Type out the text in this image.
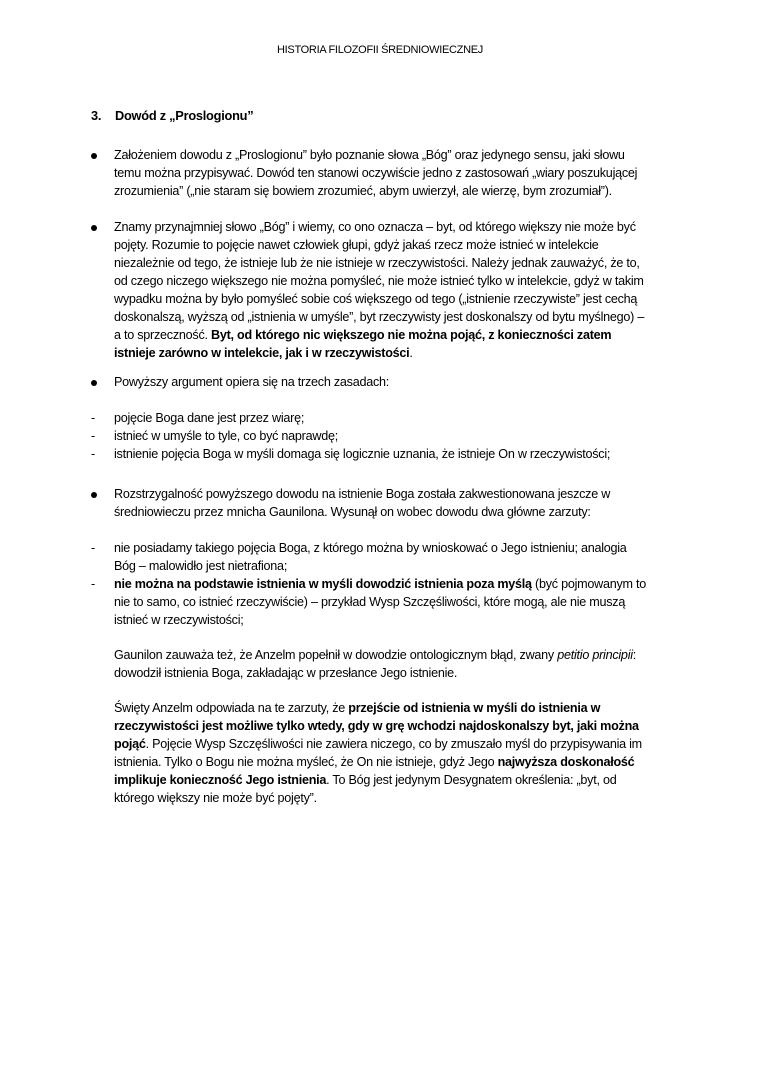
HISTORIA FILOZOFII ŚREDNIOWIECZNEJ
3. Dowód z „Proslogionu”
Założeniem dowodu z „Proslogionu” było poznanie słowa „Bóg” oraz jedynego sensu, jaki słowu
temu można przypisywać. Dowód ten stanowi oczywiście jedno z zastosowań „wiary poszukującej
zrozumienia” („nie staram się bowiem zrozumieć, abym uwierzył, ale wierzę, bym zrozumiał”).
Znamy przynajmniej słowo „Bóg” i wiemy, co ono oznacza – byt, od którego większy nie może być
pojęty. Rozumie to pojęcie nawet człowiek głupi, gdyż jakaś rzecz może istnieć w intelekcie
niezależnie od tego, że istnieje lub że nie istnieje w rzeczywistości. Należy jednak zauważyć, że to,
od czego niczego większego nie można pomyśleć, nie może istnieć tylko w intelekcie, gdyż w takim
wypadku można by było pomyśleć sobie coś większego od tego („istnienie rzeczywiste” jest cechą
doskonalszą, wyższą od „istnienia w umyśle”, byt rzeczywisty jest doskonalszy od bytu myślnego) –
a to sprzeczność. Byt, od którego nic większego nie można pojąć, z konieczności zatem
istnieje zarówno w intelekcie, jak i w rzeczywistości.
Powyższy argument opiera się na trzech zasadach:
- pojęcie Boga dane jest przez wiarę;
- istnieć w umyśle to tyle, co być naprawdę;
- istnienie pojęcia Boga w myśli domaga się logicznie uznania, że istnieje On w rzeczywistości;
Rozstrzygalność powyższego dowodu na istnienie Boga została zakwestionowana jeszcze w
średniowieczu przez mnicha Gaunilona. Wysunął on wobec dowodu dwa główne zarzuty:
- nie posiadamy takiego pojęcia Boga, z którego można by wnioskować o Jego istnieniu; analogia
Bóg – malowidło jest nietrafiona;
- nie można na podstawie istnienia w myśli dowodzić istnienia poza myślą (być pojmowanym to
nie to samo, co istnieć rzeczywiście) – przykład Wysp Szczęśliwości, które mogą, ale nie muszą
istnieć w rzeczywistości;
Gaunilon zauważa też, że Anzelm popełnił w dowodzie ontologicznym błąd, zwany petitio principii:
dowodził istnienia Boga, zakładając w przesłance Jego istnienie.
Święty Anzelm odpowiada na te zarzuty, że przejście od istnienia w myśli do istnienia w
rzeczywistości jest możliwe tylko wtedy, gdy w grę wchodzi najdoskonalszy byt, jaki można
pojąć. Pojęcie Wysp Szczęśliwości nie zawiera niczego, co by zmuszało myśl do przypisywania im
istnienia. Tylko o Bogu nie można myśleć, że On nie istnieje, gdyż Jego najwyższa doskonałość
implikuje konieczność Jego istnienia. To Bóg jest jedynym Desygnatem określenia: „byt, od
którego większy nie może być pojęty”.
